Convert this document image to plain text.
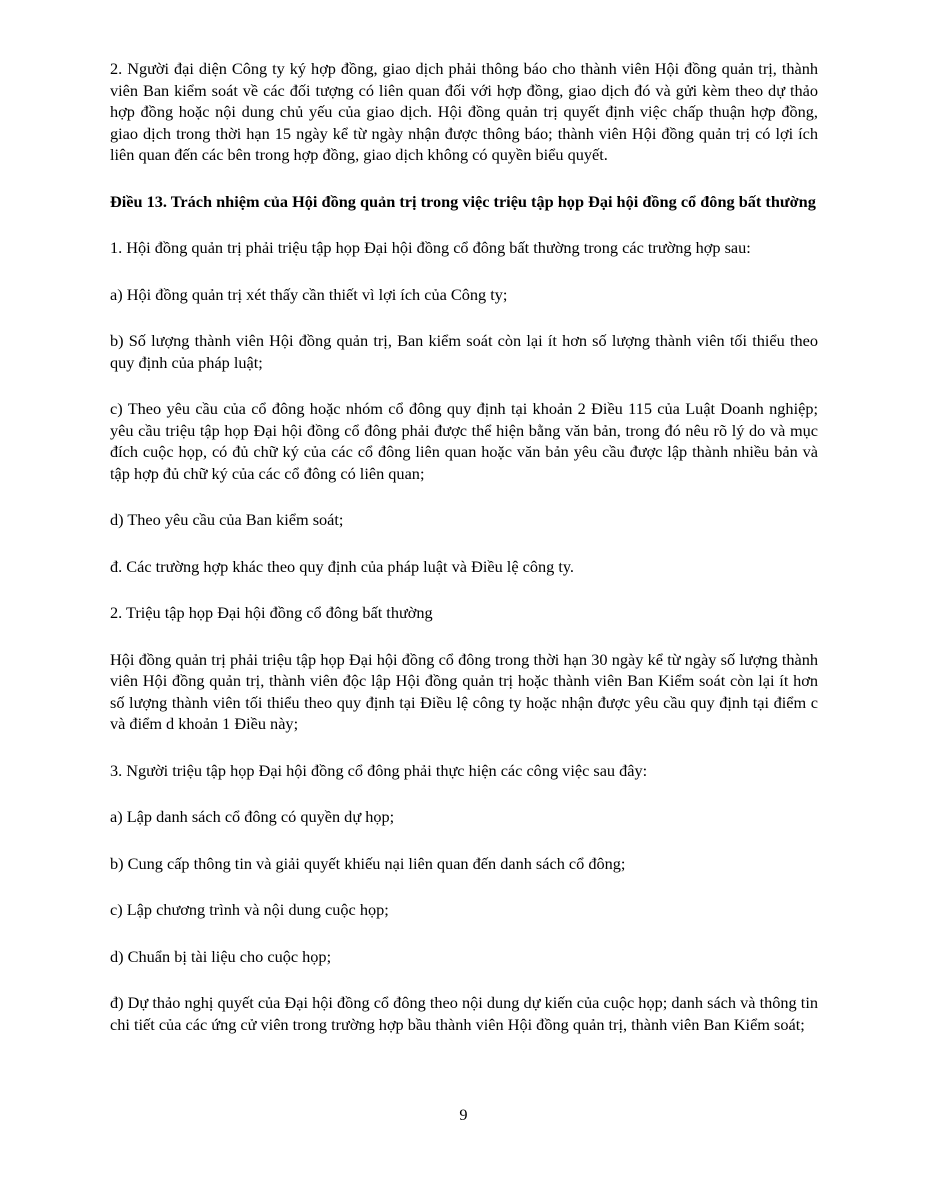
2. Người đại diện Công ty ký hợp đồng, giao dịch phải thông báo cho thành viên Hội đồng quản trị, thành viên Ban kiểm soát về các đối tượng có liên quan đối với hợp đồng, giao dịch đó và gửi kèm theo dự thảo hợp đồng hoặc nội dung chủ yếu của giao dịch. Hội đồng quản trị quyết định việc chấp thuận hợp đồng, giao dịch trong thời hạn 15 ngày kể từ ngày nhận được thông báo; thành viên Hội đồng quản trị có lợi ích liên quan đến các bên trong hợp đồng, giao dịch không có quyền biểu quyết.

Điều 13. Trách nhiệm của Hội đồng quản trị trong việc triệu tập họp Đại hội đồng cổ đông bất thường

1. Hội đồng quản trị phải triệu tập họp Đại hội đồng cổ đông bất thường trong các trường hợp sau:

a) Hội đồng quản trị xét thấy cần thiết vì lợi ích của Công ty;

b) Số lượng thành viên Hội đồng quản trị, Ban kiểm soát còn lại ít hơn số lượng thành viên tối thiểu theo quy định của pháp luật;

c) Theo yêu cầu của cổ đông hoặc nhóm cổ đông quy định tại khoản 2 Điều 115 của Luật Doanh nghiệp; yêu cầu triệu tập họp Đại hội đồng cổ đông phải được thể hiện bằng văn bản, trong đó nêu rõ lý do và mục đích cuộc họp, có đủ chữ ký của các cổ đông liên quan hoặc văn bản yêu cầu được lập thành nhiều bản và tập hợp đủ chữ ký của các cổ đông có liên quan;

d) Theo yêu cầu của Ban kiểm soát;

đ. Các trường hợp khác theo quy định của pháp luật và Điều lệ công ty.

2. Triệu tập họp Đại hội đồng cổ đông bất thường

Hội đồng quản trị phải triệu tập họp Đại hội đồng cổ đông trong thời hạn 30 ngày kể từ ngày số lượng thành viên Hội đồng quản trị, thành viên độc lập Hội đồng quản trị hoặc thành viên Ban Kiểm soát còn lại ít hơn số lượng thành viên tối thiểu theo quy định tại Điều lệ công ty hoặc nhận được yêu cầu quy định tại điểm c và điểm d khoản 1 Điều này;

3. Người triệu tập họp Đại hội đồng cổ đông phải thực hiện các công việc sau đây:

a) Lập danh sách cổ đông có quyền dự họp;

b) Cung cấp thông tin và giải quyết khiếu nại liên quan đến danh sách cổ đông;

c) Lập chương trình và nội dung cuộc họp;

d) Chuẩn bị tài liệu cho cuộc họp;

đ) Dự thảo nghị quyết của Đại hội đồng cổ đông theo nội dung dự kiến của cuộc họp; danh sách và thông tin chi tiết của các ứng cử viên trong trường hợp bầu thành viên Hội đồng quản trị, thành viên Ban Kiểm soát;

9
